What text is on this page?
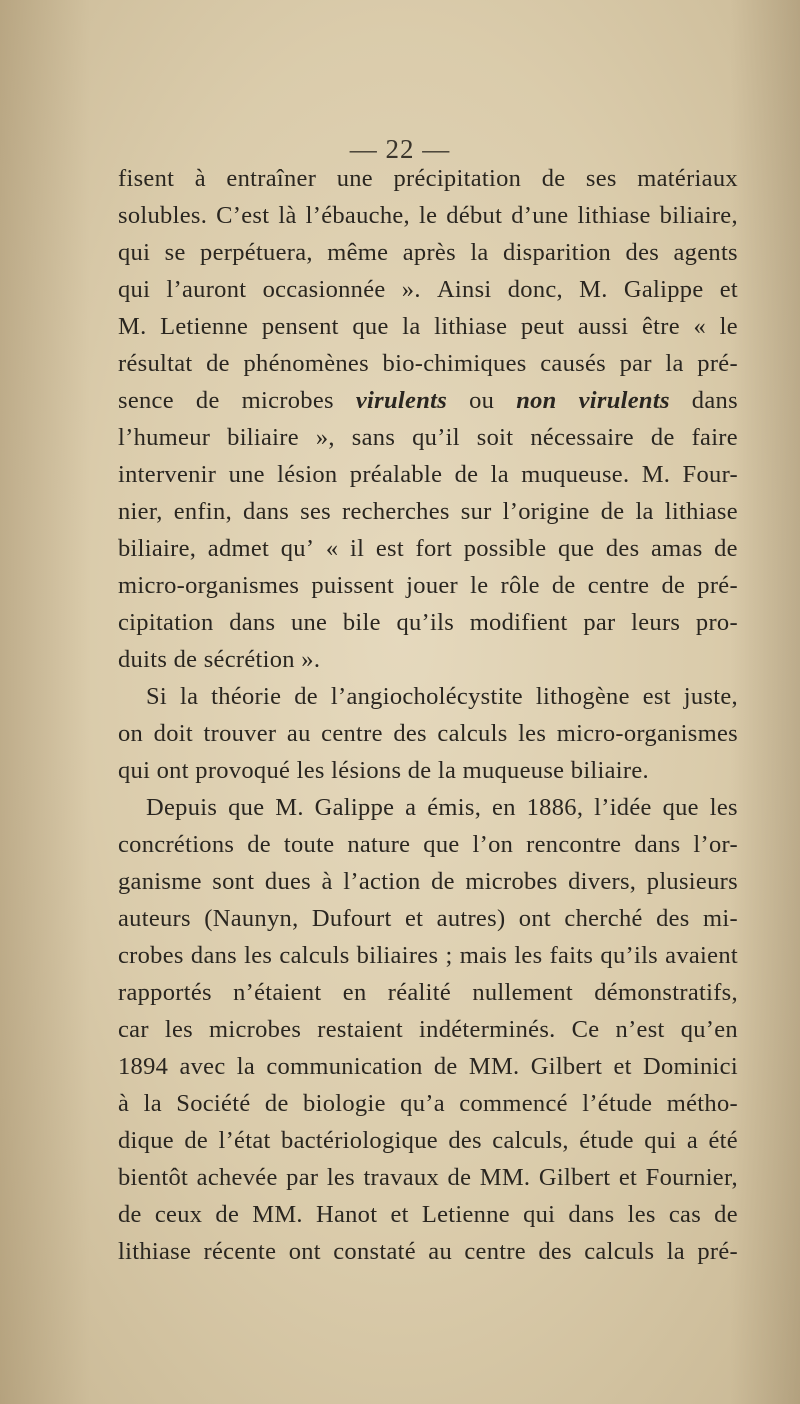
— 22 —
fisent à entraîner une précipitation de ses matériaux
solubles. C’est là l’ébauche, le début d’une lithiase biliaire,
qui se perpétuera, même après la disparition des agents
qui l’auront occasionnée ». Ainsi donc, M. Galippe et
M. Letienne pensent que la lithiase peut aussi être « le
résultat de phénomènes bio-chimiques causés par la pré-
sence de microbes virulents ou non virulents dans
l’humeur biliaire », sans qu’il soit nécessaire de faire
intervenir une lésion préalable de la muqueuse. M. Four-
nier, enfin, dans ses recherches sur l’origine de la lithiase
biliaire, admet qu’ « il est fort possible que des amas de
micro-organismes puissent jouer le rôle de centre de pré-
cipitation dans une bile qu’ils modifient par leurs pro-
duits de sécrétion ».
Si la théorie de l’angiocholécystite lithogène est juste,
on doit trouver au centre des calculs les micro-organismes
qui ont provoqué les lésions de la muqueuse biliaire.
Depuis que M. Galippe a émis, en 1886, l’idée que les
concrétions de toute nature que l’on rencontre dans l’or-
ganisme sont dues à l’action de microbes divers, plusieurs
auteurs (Naunyn, Dufourt et autres) ont cherché des mi-
crobes dans les calculs biliaires ; mais les faits qu’ils avaient
rapportés n’étaient en réalité nullement démonstratifs,
car les microbes restaient indéterminés. Ce n’est qu’en
1894 avec la communication de MM. Gilbert et Dominici
à la Société de biologie qu’a commencé l’étude métho-
dique de l’état bactériologique des calculs, étude qui a été
bientôt achevée par les travaux de MM. Gilbert et Fournier,
de ceux de MM. Hanot et Letienne qui dans les cas de
lithiase récente ont constaté au centre des calculs la pré-
